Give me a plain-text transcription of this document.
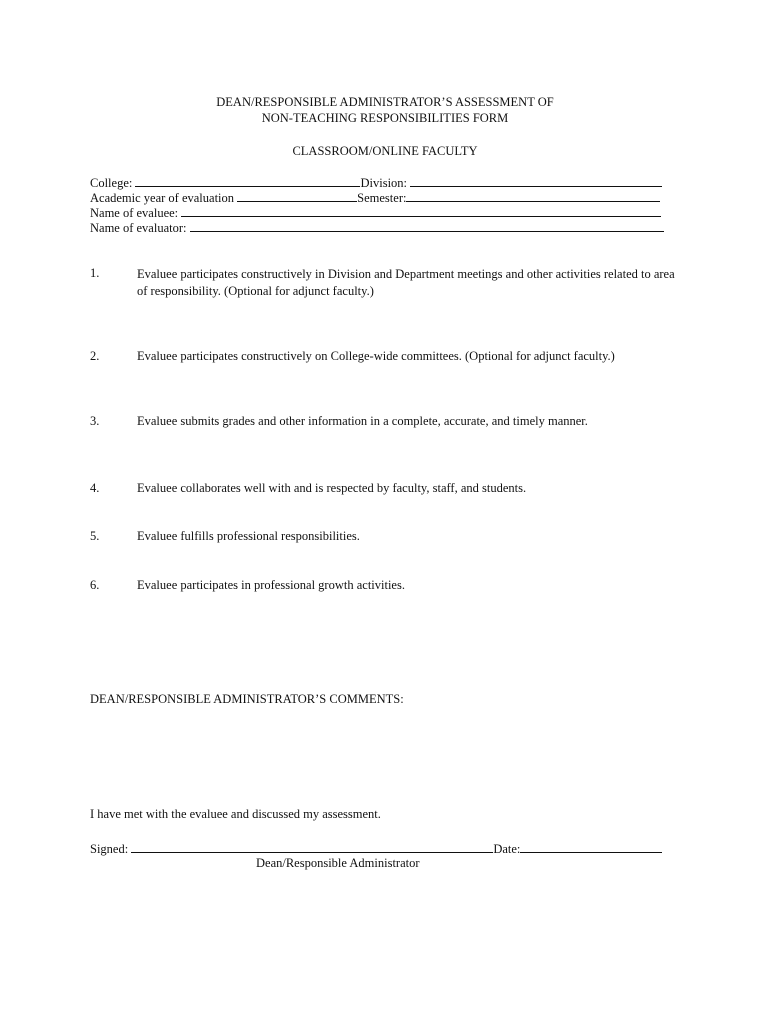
DEAN/RESPONSIBLE ADMINISTRATOR’S ASSESSMENT OF
NON-TEACHING RESPONSIBILITIES FORM
CLASSROOM/ONLINE FACULTY
College:	Division:
Academic year of evaluation	Semester:
Name of evaluee:
Name of evaluator:
1.	Evaluee participates constructively in Division and Department meetings and other activities related to area of responsibility. (Optional for adjunct faculty.)
2.	Evaluee participates constructively on College-wide committees. (Optional for adjunct faculty.)
3.	Evaluee submits grades and other information in a complete, accurate, and timely manner.
4.	Evaluee collaborates well with and is respected by faculty, staff, and students.
5.	Evaluee fulfills professional responsibilities.
6.	Evaluee participates in professional growth activities.
DEAN/RESPONSIBLE ADMINISTRATOR’S COMMENTS:
I have met with the evaluee and discussed my assessment.
Signed:	Date:
Dean/Responsible Administrator
